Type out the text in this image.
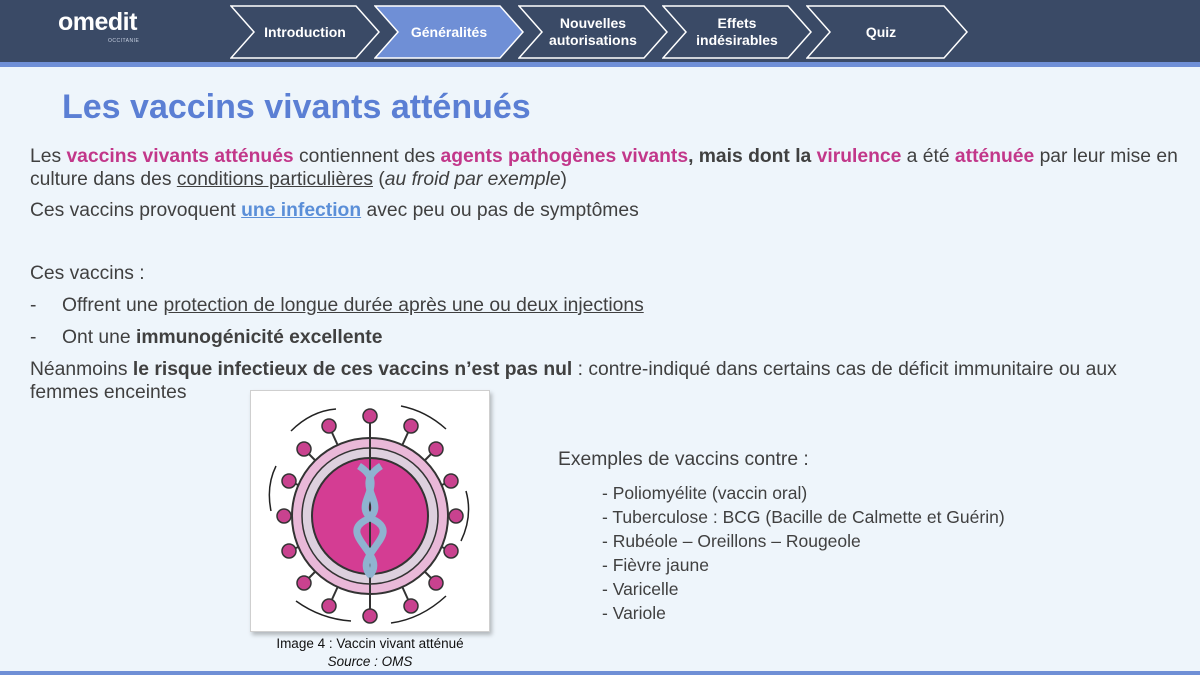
omedit
OCCITANIE
Introduction	Généralités
Nouvelles
autorisations
Effets
indésirables
Quiz
Les vaccins vivants atténués

Les vaccins vivants atténués contiennent des agents pathogènes vivants, mais dont la virulence a été atténuée par leur mise en culture dans des conditions particulières (au froid par exemple)

Ces vaccins provoquent une infection avec peu ou pas de symptômes

Ces vaccins :

- Offrent une protection de longue durée après une ou deux injections

- Ont une immunogénicité excellente

Néanmoins le risque infectieux de ces vaccins n’est pas nul : contre-indiqué dans certains cas de déficit immunitaire ou aux femmes enceintes

Image 4 : Vaccin vivant atténué
Source : OMS
Exemples de vaccins contre :
- Poliomyélite (vaccin oral)
- Tuberculose : BCG (Bacille de Calmette et Guérin)
- Rubéole – Oreillons – Rougeole
- Fièvre jaune
- Varicelle
- Variole
